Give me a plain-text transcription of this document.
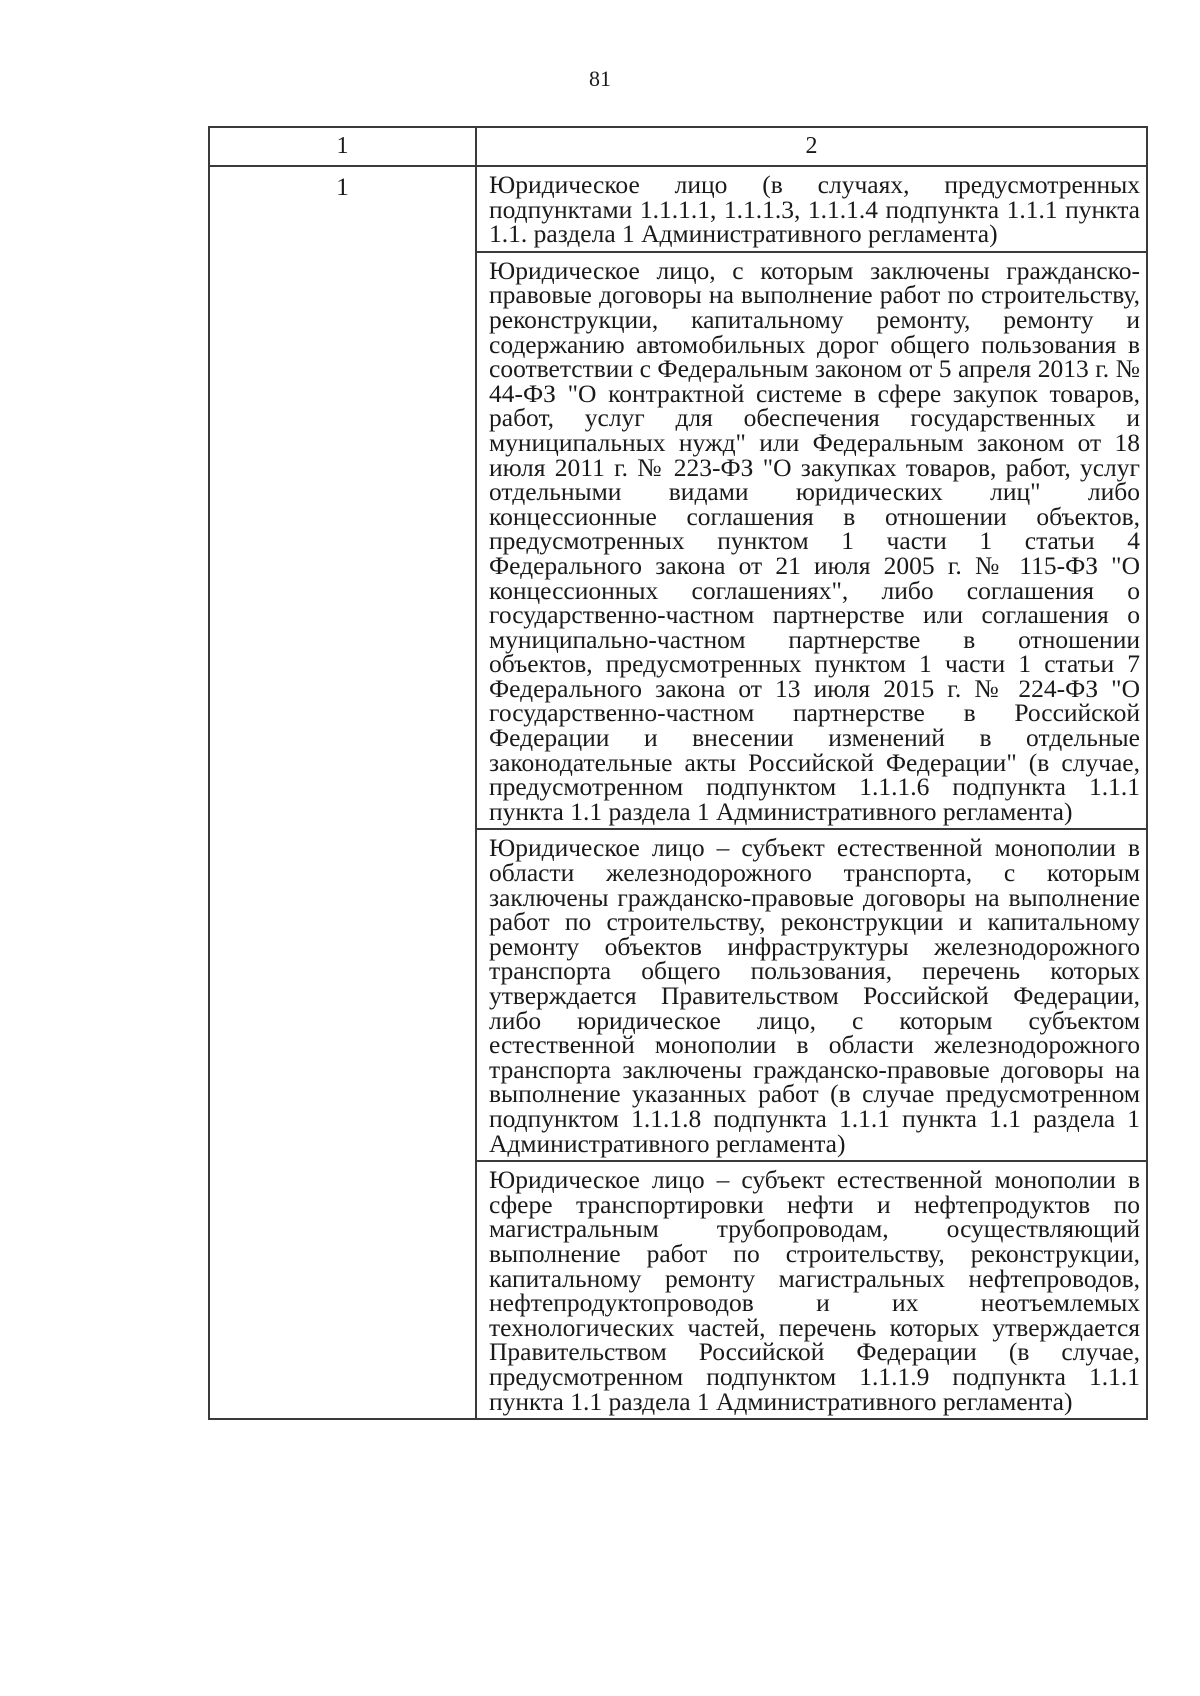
81
1	2
1	Юридическое лицо (в случаях, предусмотренных подпунктами 1.1.1.1, 1.1.1.3, 1.1.1.4 подпункта 1.1.1 пункта 1.1. раздела 1 Административного регламента)
Юридическое лицо, с которым заключены гражданско-правовые договоры на выполнение работ по строительству, реконструкции, капитальному ремонту, ремонту и содержанию автомобильных дорог общего пользования в соответствии с Федеральным законом от 5 апреля 2013 г. № 44-ФЗ "О контрактной системе в сфере закупок товаров, работ, услуг для обеспечения государственных и муниципальных нужд" или Федеральным законом от 18 июля 2011 г. № 223-ФЗ "О закупках товаров, работ, услуг отдельными видами юридических лиц" либо концессионные соглашения в отношении объектов, предусмотренных пунктом 1 части 1 статьи 4 Федерального закона от 21 июля 2005 г. № 115-ФЗ "О концессионных соглашениях", либо соглашения о государственно-частном партнерстве или соглашения о муниципально-частном партнерстве в отношении объектов, предусмотренных пунктом 1 части 1 статьи 7 Федерального закона от 13 июля 2015 г. № 224-ФЗ "О государственно-частном партнерстве в Российской Федерации и внесении изменений в отдельные законодательные акты Российской Федерации" (в случае, предусмотренном подпунктом 1.1.1.6 подпункта 1.1.1 пункта 1.1 раздела 1 Административного регламента)
Юридическое лицо – субъект естественной монополии в области железнодорожного транспорта, с которым заключены гражданско-правовые договоры на выполнение работ по строительству, реконструкции и капитальному ремонту объектов инфраструктуры железнодорожного транспорта общего пользования, перечень которых утверждается Правительством Российской Федерации, либо юридическое лицо, с которым субъектом естественной монополии в области железнодорожного транспорта заключены гражданско-правовые договоры на выполнение указанных работ (в случае предусмотренном подпунктом 1.1.1.8 подпункта 1.1.1 пункта 1.1 раздела 1 Административного регламента)
Юридическое лицо – субъект естественной монополии в сфере транспортировки нефти и нефтепродуктов по магистральным трубопроводам, осуществляющий выполнение работ по строительству, реконструкции, капитальному ремонту магистральных нефтепроводов, нефтепродуктопроводов и их неотъемлемых технологических частей, перечень которых утверждается Правительством Российской Федерации (в случае, предусмотренном подпунктом 1.1.1.9 подпункта 1.1.1 пункта 1.1 раздела 1 Административного регламента)
